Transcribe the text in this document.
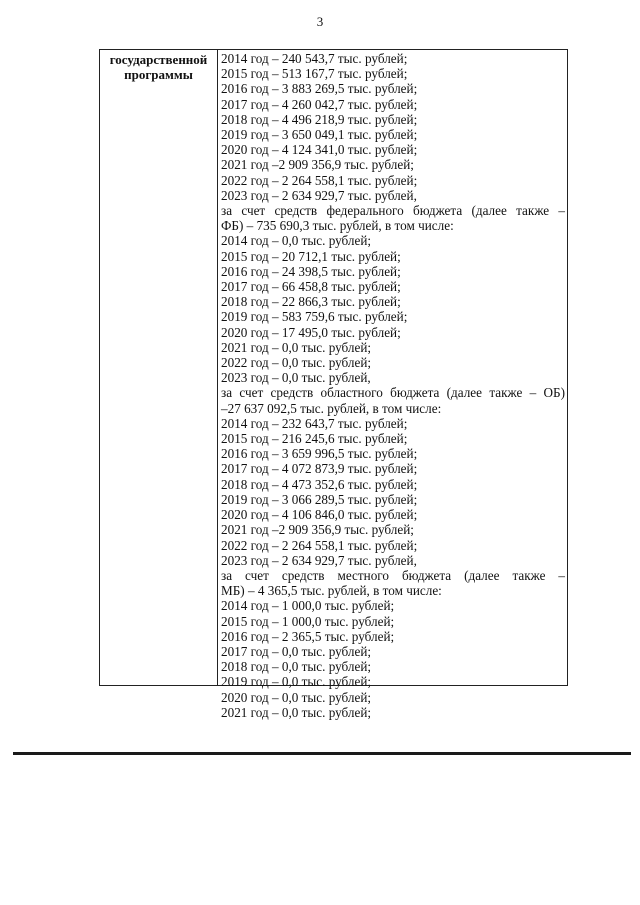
3
государственной
программы
2014 год – 240 543,7 тыс. рублей;
2015 год – 513 167,7 тыс. рублей;
2016 год – 3 883 269,5 тыс. рублей;
2017 год – 4 260 042,7 тыс. рублей;
2018 год – 4 496 218,9 тыс. рублей;
2019 год – 3 650 049,1 тыс. рублей;
2020 год – 4 124 341,0 тыс. рублей;
2021 год –2 909 356,9 тыс. рублей;
2022 год – 2 264 558,1 тыс. рублей;
2023 год – 2 634 929,7 тыс. рублей,
за счет средств федерального бюджета (далее также –
ФБ) – 735 690,3 тыс. рублей, в том числе:
2014 год – 0,0 тыс. рублей;
2015 год – 20 712,1 тыс. рублей;
2016 год – 24 398,5 тыс. рублей;
2017 год – 66 458,8 тыс. рублей;
2018 год – 22 866,3 тыс. рублей;
2019 год – 583 759,6 тыс. рублей;
2020 год – 17 495,0 тыс. рублей;
2021 год – 0,0 тыс. рублей;
2022 год – 0,0 тыс. рублей;
2023 год – 0,0 тыс. рублей,
за счет средств областного бюджета (далее также – ОБ)
–27 637 092,5 тыс. рублей, в том числе:
2014 год – 232 643,7 тыс. рублей;
2015 год – 216 245,6 тыс. рублей;
2016 год – 3 659 996,5 тыс. рублей;
2017 год – 4 072 873,9 тыс. рублей;
2018 год – 4 473 352,6 тыс. рублей;
2019 год – 3 066 289,5 тыс. рублей;
2020 год – 4 106 846,0 тыс. рублей;
2021 год –2 909 356,9 тыс. рублей;
2022 год – 2 264 558,1 тыс. рублей;
2023 год – 2 634 929,7 тыс. рублей,
за счет средств местного бюджета (далее также –
МБ) – 4 365,5 тыс. рублей, в том числе:
2014 год – 1 000,0 тыс. рублей;
2015 год – 1 000,0 тыс. рублей;
2016 год – 2 365,5 тыс. рублей;
2017 год – 0,0 тыс. рублей;
2018 год – 0,0 тыс. рублей;
2019 год – 0,0 тыс. рублей;
2020 год – 0,0 тыс. рублей;
2021 год – 0,0 тыс. рублей;
